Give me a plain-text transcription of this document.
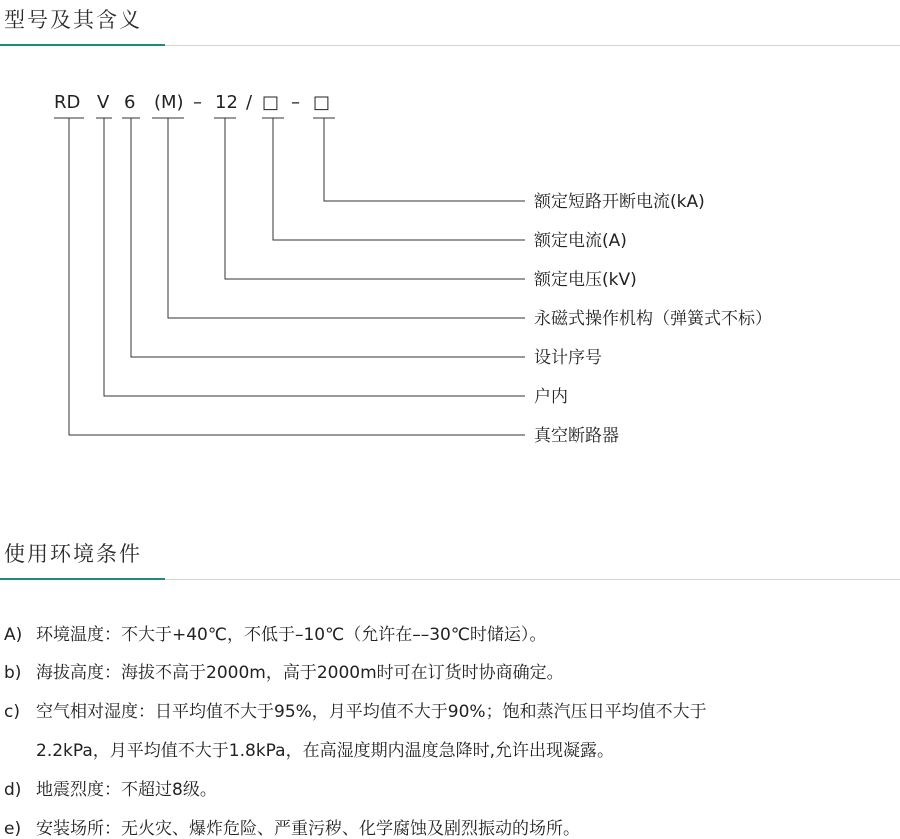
型号及其含义
RD V 6 (M) – 12 / □ – □
额定短路开断电流(kA)
额定电流(A)
额定电压(kV)
永磁式操作机构（弹簧式不标）
设计序号
户内
真空断路器
使用环境条件
A) 环境温度：不大于+40℃，不低于–10℃（允许在––30℃时储运）。
b) 海拔高度：海拔不高于2000m，高于2000m时可在订货时协商确定。
c) 空气相对湿度：日平均值不大于95%，月平均值不大于90%；饱和蒸汽压日平均值不大于
2.2kPa，月平均值不大于1.8kPa，在高湿度期内温度急降时,允许出现凝露。
d) 地震烈度：不超过8级。
e) 安装场所：无火灾、爆炸危险、严重污秽、化学腐蚀及剧烈振动的场所。
